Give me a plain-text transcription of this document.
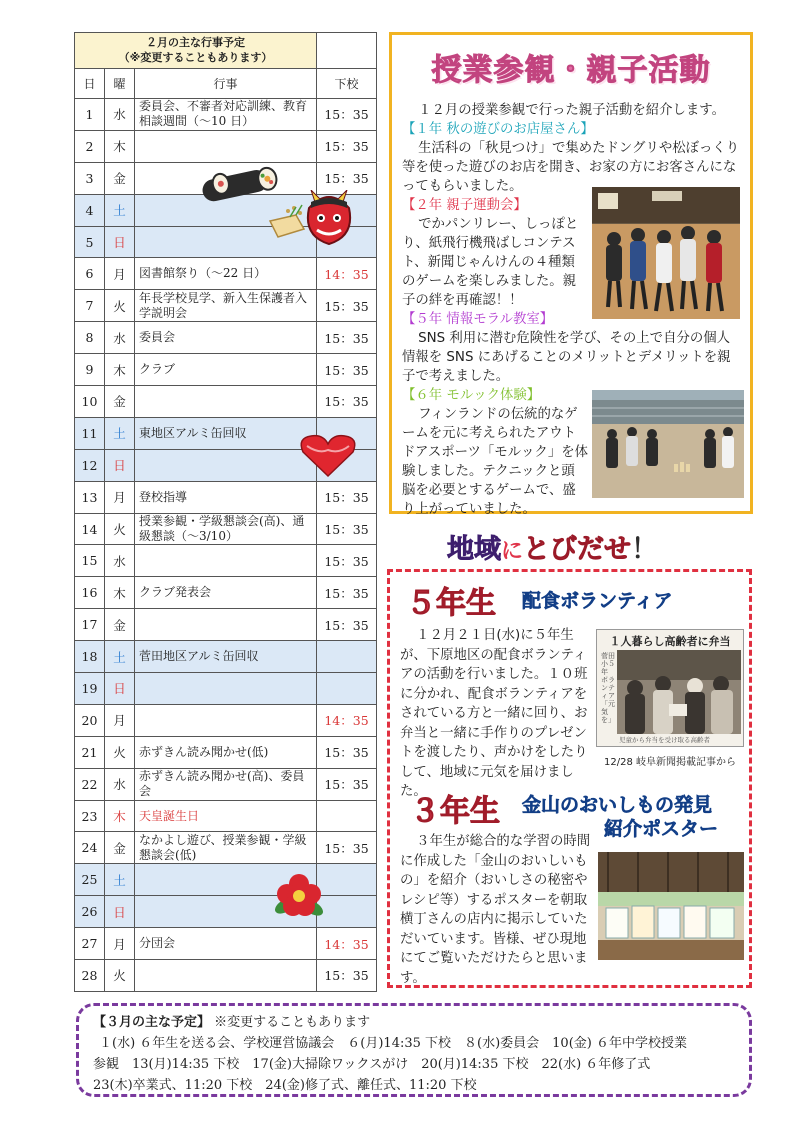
２月の主な行事予定
（※変更することもあります）			

日	曜	行事	下校
1	水	委員会、不審者対応訓練、教育相談週間（〜10 日）	15：35
2	木		15：35
3	金		15：35
4	土		
5	日		
6	月	図書館祭り（〜22 日）	14：35
7	火	年長学校見学、新入生保護者入学説明会	15：35
8	水	委員会	15：35
9	木	クラブ	15：35
10	金		15：35
11	土	東地区アルミ缶回収	
12	日		
13	月	登校指導	15：35
14	火	授業参観・学級懇談会(高)、通級懇談（〜3/10）	15：35
15	水		15：35
16	木	クラブ発表会	15：35
17	金		15：35
18	土	菅田地区アルミ缶回収	
19	日		
20	月		14：35
21	火	赤ずきん読み聞かせ(低)	15：35
22	水	赤ずきん読み聞かせ(高)、委員会	15：35
23	木	天皇誕生日	
24	金	なかよし遊び、授業参観・学級懇談会(低)	15：35
25	土		
26	日		
27	月	分団会	14：35
28	火		15：35
授業参観・親子活動

１２月の授業参観で行った親子活動を紹介します。

【１年 秋の遊びのお店屋さん】

生活科の「秋見つけ」で集めたドングリや松ぼっくり等を使った遊びのお店を開き、お家の方にお客さんになってもらいました。

【２年 親子運動会】

でかパンリレー、しっぽとり、紙飛行機飛ばしコンテスト、新聞じゃんけんの４種類のゲームを楽しみました。親子の絆を再確認！！

【５年 情報モラル教室】

SNS 利用に潜む危険性を学び、その上で自分の個人情報を SNS にあげることのメリットとデメリットを親子で考えました。

【６年 モルック体験】

フィンランドの伝統的なゲームを元に考えられたアウトドアスポーツ「モルック」を体験しました。テクニックと頭脳を必要とするゲームで、盛り上がっていました。

地域にとびだせ！
５年生 配食ボランティア

１２月２１日(水)に５年生が、下原地区の配食ボランティアの活動を行いました。１０班に分かれ、配食ボランティアをされている方と一緒に回り、お弁当と一緒に手作りのプレゼントを渡したり、声かけをしたりして、地域に元気を届けました。

１人暮らし高齢者に弁当
菅田小５年 ボランティア「元気を」
児童から弁当を受け取る高齢者
12/28 岐阜新聞掲載記事から
３年生 金山のおいしもの発見
紹介ポスター

３年生が総合的な学習の時間に作成した「金山のおいしいもの」を紹介（おいしさの秘密やレシピ等）するポスターを朝取横丁さんの店内に掲示していただいています。皆様、ぜひ現地にてご覧いただけたらと思います。

【３月の主な予定】 ※変更することもあります
１(水) ６年生を送る会、学校運営協議会　６(月)14:35 下校　８(水)委員会　10(金) ６年中学校授業
参観　13(月)14:35 下校　17(金)大掃除ワックスがけ　20(月)14:35 下校　22(水) ６年修了式
23(木)卒業式、11:20 下校　24(金)修了式、離任式、11:20 下校
